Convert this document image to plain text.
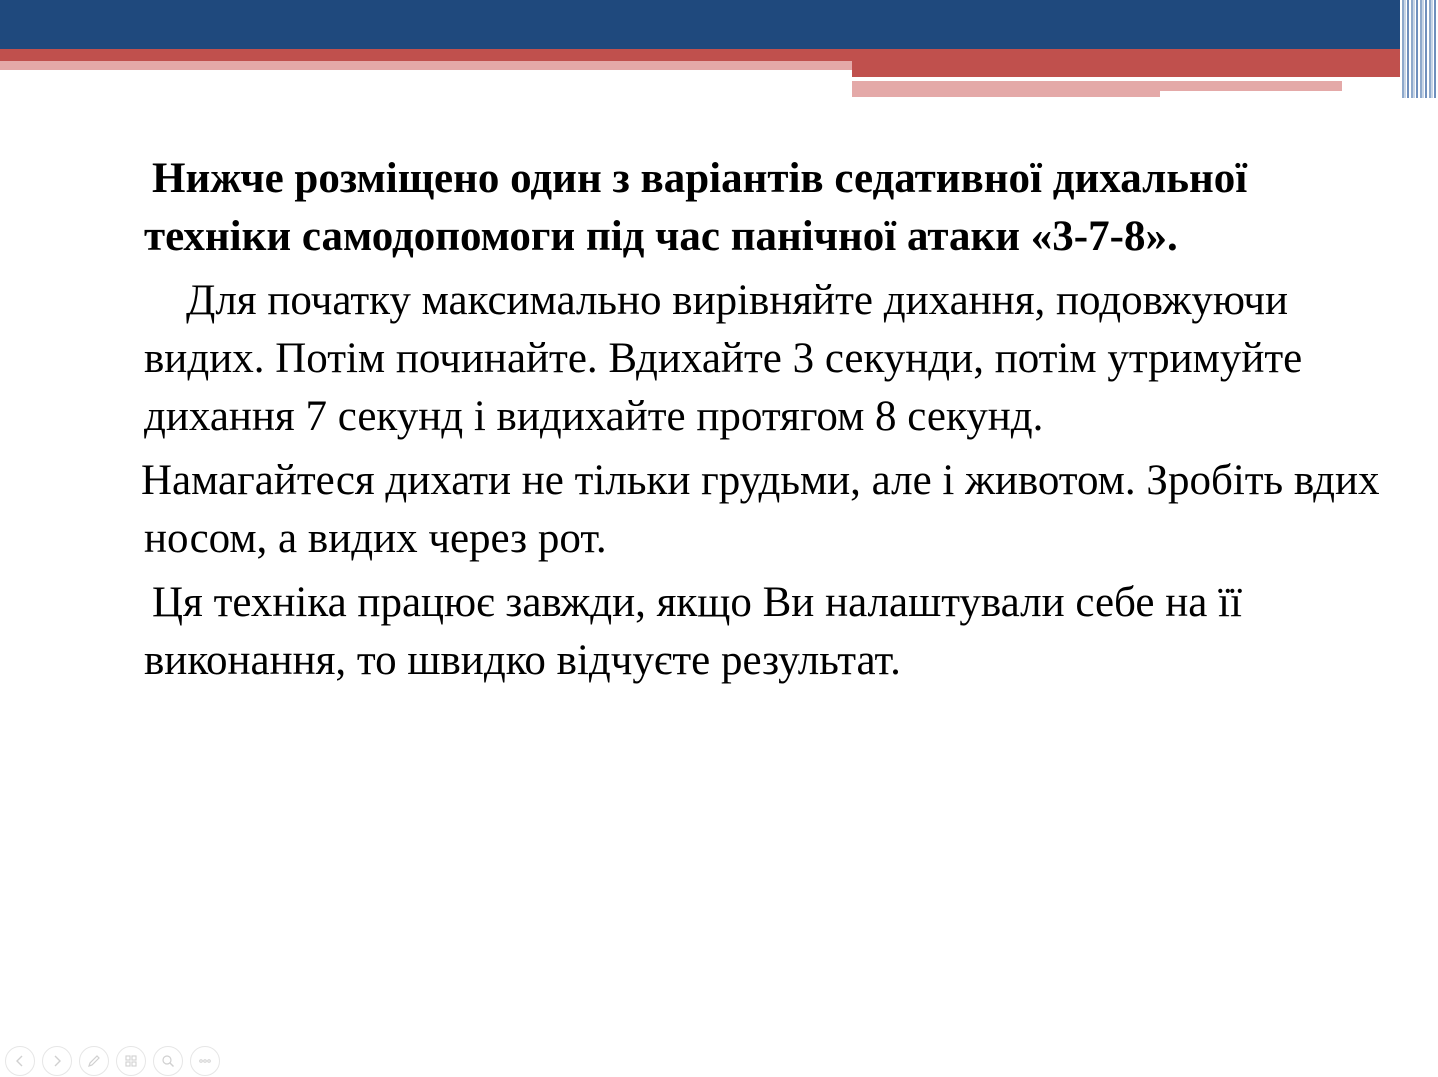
Нижче розміщено один з варіантів седативної дихальної техніки самодопомоги під час панічної атаки «3-7-8».

Для початку максимально вирівняйте дихання, подовжуючи видих. Потім починайте. Вдихайте 3 секунди, потім утримуйте дихання 7 секунд і видихайте протягом 8 секунд.

Намагайтеся дихати не тільки грудьми, але і животом. Зробіть вдих носом, а видих через рот.

Ця техніка працює завжди, якщо Ви налаштували себе на її виконання, то швидко відчуєте результат.
